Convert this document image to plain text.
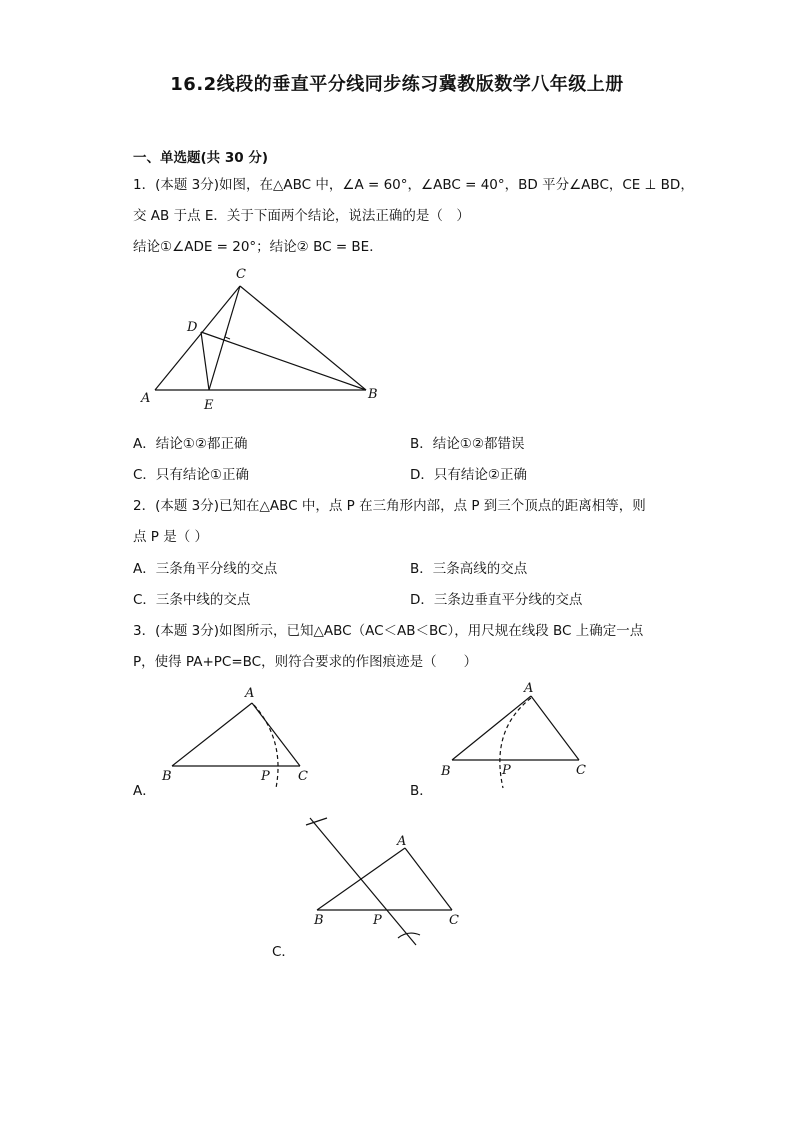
16.2线段的垂直平分线同步练习冀教版数学八年级上册
一、单选题(共 30 分)
1．(本题 3分)如图，在△ABC 中，∠A = 60°，∠ABC = 40°，BD 平分∠ABC，CE ⊥ BD，
交 AB 于点 E．关于下面两个结论，说法正确的是（　）
结论①∠ADE = 20°；结论② BC = BE．
C
D
A	E
B
A．结论①②都正确	B．结论①②都错误
C．只有结论①正确	D．只有结论②正确
2．(本题 3分)已知在△ABC 中，点 P 在三角形内部，点 P 到三个顶点的距离相等，则
点 P 是（ ）
A．三条角平分线的交点	B．三条高线的交点
C．三条中线的交点	D．三条边垂直平分线的交点
3．(本题 3分)如图所示，已知△ABC（AC＜AB＜BC），用尺规在线段 BC 上确定一点
P，使得 PA+PC=BC，则符合要求的作图痕迹是（　　）
A
B	P C
A
B	P	C
A
B	P	C
A．	B．
C．
